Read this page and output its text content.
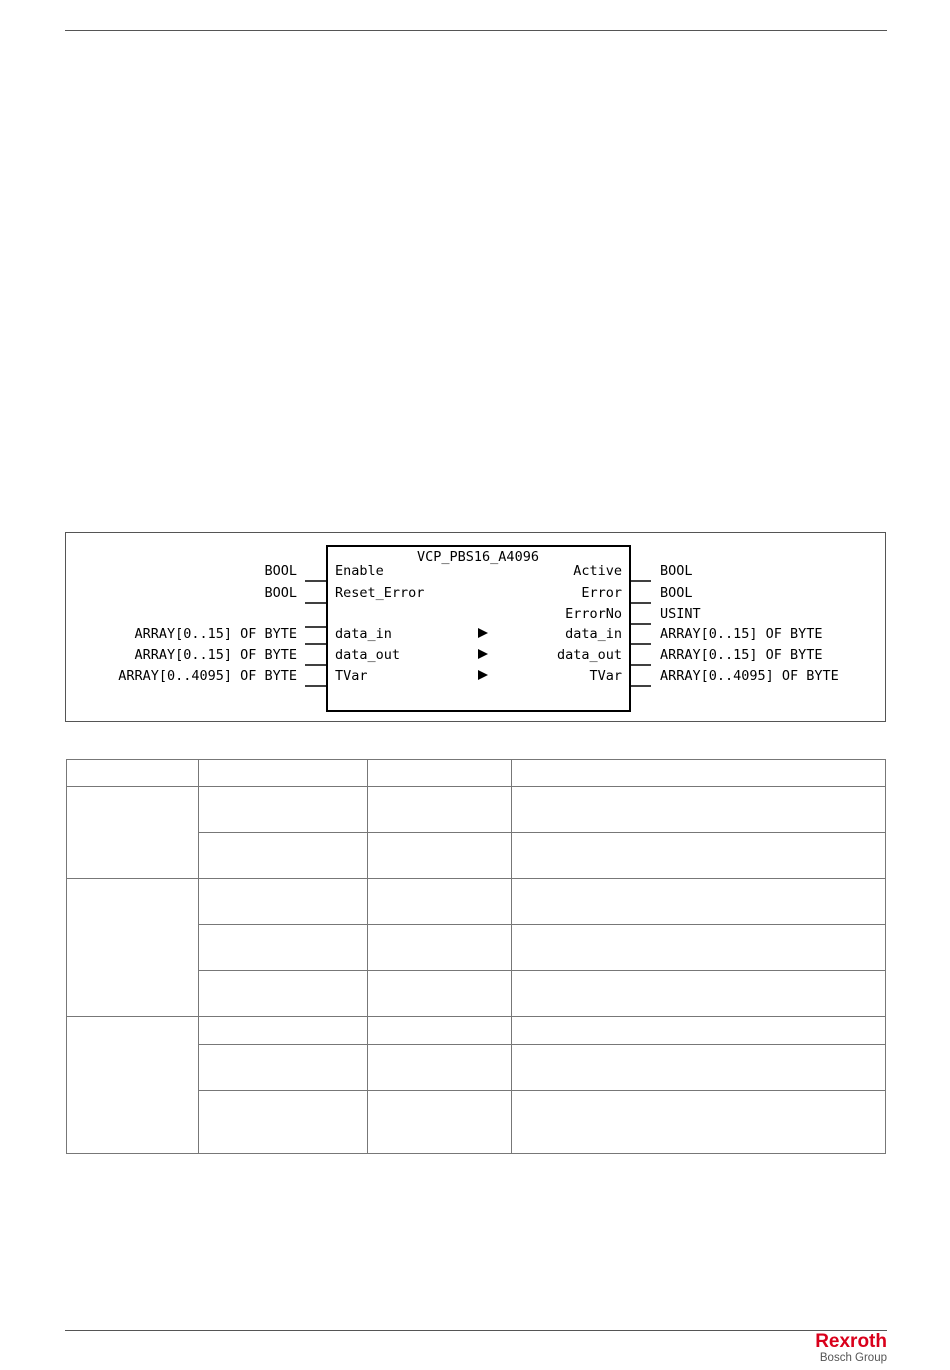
VCP_PBS16_A4096
BOOL	Enable
BOOL	Reset_Error
ARRAY[0..15] OF BYTE	data_in
ARRAY[0..15] OF BYTE	data_out
ARRAY[0..4095] OF BYTE	TVar
Active	BOOL
Error	BOOL
ErrorNo	USINT
data_in	ARRAY[0..15] OF BYTE
data_out	ARRAY[0..15] OF BYTE
TVar	ARRAY[0..4095] OF BYTE

Rexroth
Bosch Group
